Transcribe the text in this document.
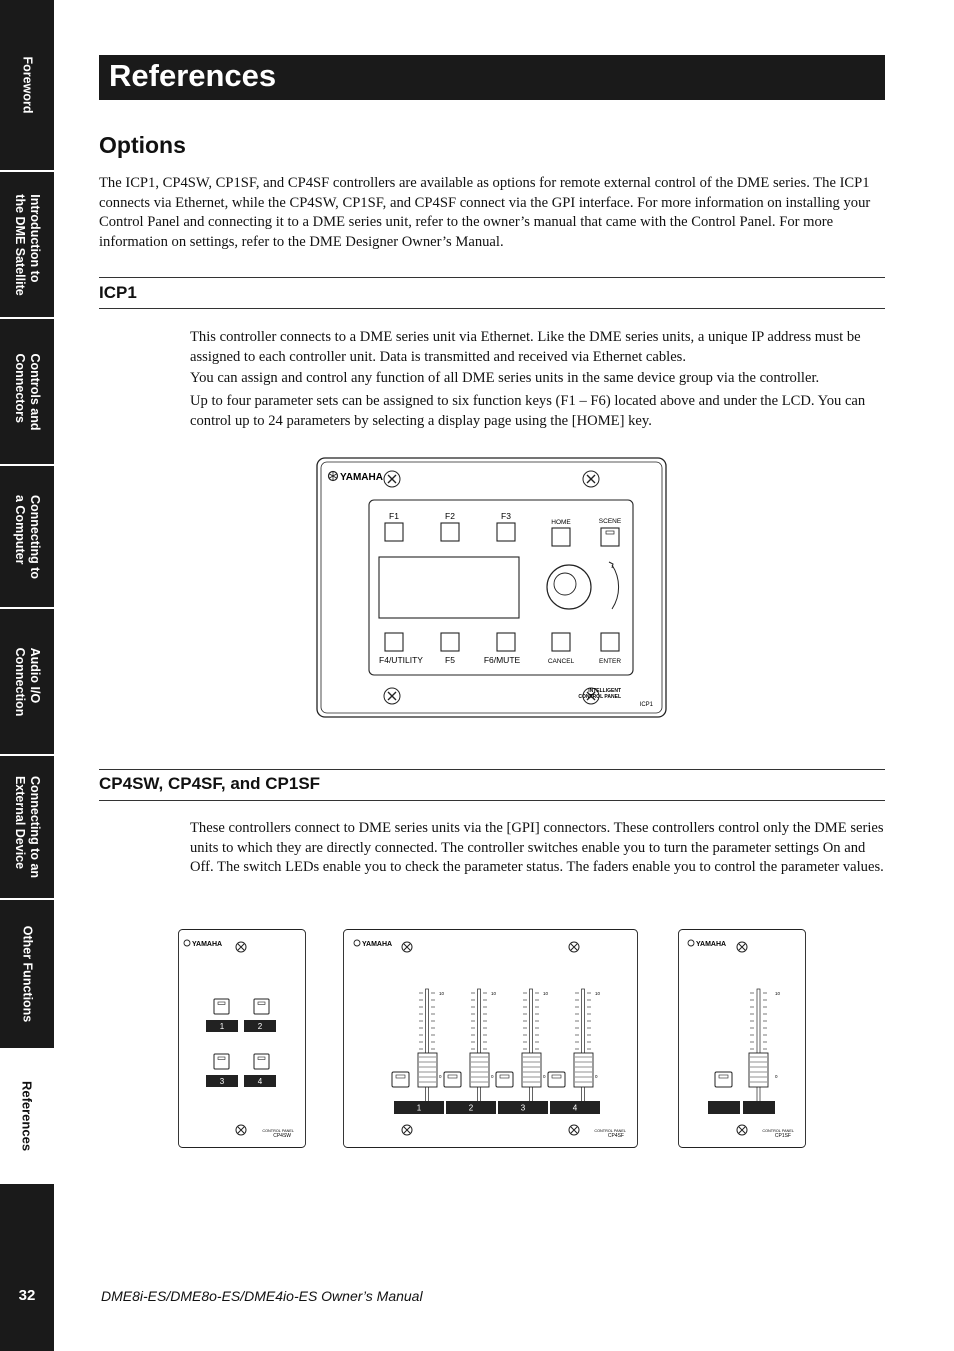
Foreword
Introduction to
the DME Satellite
Controls and
Connectors
Connecting to
a Computer
Audio I/O
Connection
Connecting to an
External Device
Other Functions
References
32
References
Options
The ICP1, CP4SW, CP1SF, and CP4SF controllers are available as options for remote external control of the DME series. The ICP1 connects via Ethernet, while the CP4SW, CP1SF, and CP4SF connect via the GPI interface. For more information on installing your Control Panel and connecting it to a DME series unit, refer to the owner’s manual that came with the Control Panel. For more information on settings, refer to the DME Designer Owner’s Manual.
ICP1
This controller connects to a DME series unit via Ethernet. Like the DME series units, a unique IP address must be assigned to each controller unit. Data is transmitted and received via Ethernet cables.
You can assign and control any function of all DME series units in the same device group via the controller.
Up to four parameter sets can be assigned to six function keys (F1 – F6) located above and under the LCD. You can control up to 24 parameters by selecting a display page using the [HOME] key.
YAMAHA
F1	F2	F3
F4/UTILITY	F5	F6/MUTE
HOME	SCENE
CANCEL	ENTER
INTELLIGENT
CONTROL PANEL
ICP1
CP4SW, CP4SF, and CP1SF
These controllers connect to DME series units via the [GPI] connectors. These controllers control only the DME series units to which they are directly connected. The controller switches enable you to turn the parameter settings On and Off. The switch LEDs enable you to check the parameter status. The faders enable you to control the parameter values.
YAMAHA
1	2
3	4
CONTROL PANEL
CP4SW
YAMAHA
10
0
1
10
0
2
10
0
3
10
0
4
CONTROL PANEL
CP4SF
YAMAHA
10
0
CONTROL PANEL
CP1SF
DME8i-ES/DME8o-ES/DME4io-ES Owner’s Manual
